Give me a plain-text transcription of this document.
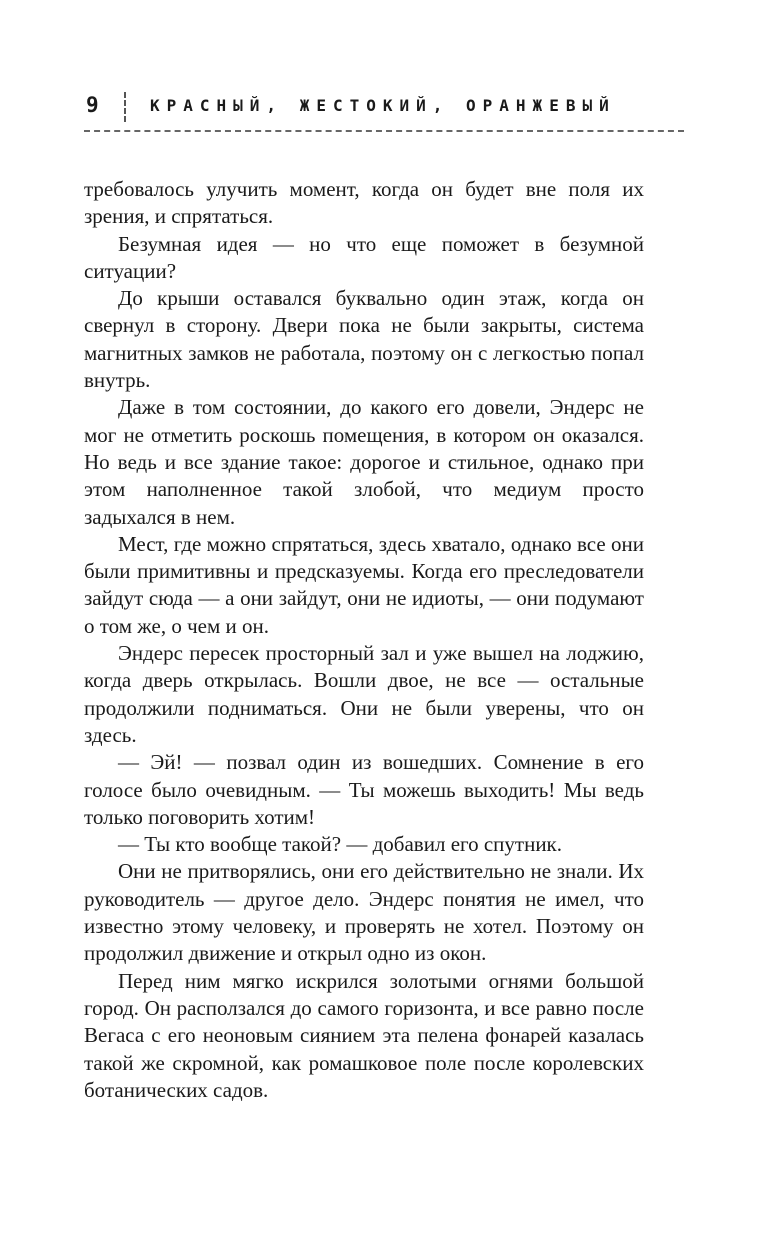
9	КРАСНЫЙ, ЖЕСТОКИЙ, ОРАНЖЕВЫЙ

требовалось улучить момент, когда он будет вне поля их зрения, и спрятаться.

Безумная идея — но что еще поможет в безумной ситуации?

До крыши оставался буквально один этаж, когда он свернул в сторону. Двери пока не были закрыты, система магнитных замков не работала, поэтому он с легкостью попал внутрь.

Даже в том состоянии, до какого его довели, Эндерс не мог не отметить роскошь помещения, в котором он оказался. Но ведь и все здание такое: дорогое и стильное, однако при этом наполненное такой злобой, что медиум просто задыхался в нем.

Мест, где можно спрятаться, здесь хватало, однако все они были примитивны и предсказуемы. Когда его преследователи зайдут сюда — а они зайдут, они не идиоты, — они подумают о том же, о чем и он.

Эндерс пересек просторный зал и уже вышел на лоджию, когда дверь открылась. Вошли двое, не все — остальные продолжили подниматься. Они не были уверены, что он здесь.

— Эй! — позвал один из вошедших. Сомнение в его голосе было очевидным. — Ты можешь выходить! Мы ведь только поговорить хотим!

— Ты кто вообще такой? — добавил его спутник.

Они не притворялись, они его действительно не знали. Их руководитель — другое дело. Эндерс понятия не имел, что известно этому человеку, и проверять не хотел. Поэтому он продолжил движение и открыл одно из окон.

Перед ним мягко искрился золотыми огнями большой город. Он расползался до самого горизонта, и все равно после Вегаса с его неоновым сиянием эта пелена фонарей казалась такой же скромной, как ромашковое поле после королевских ботанических садов.
